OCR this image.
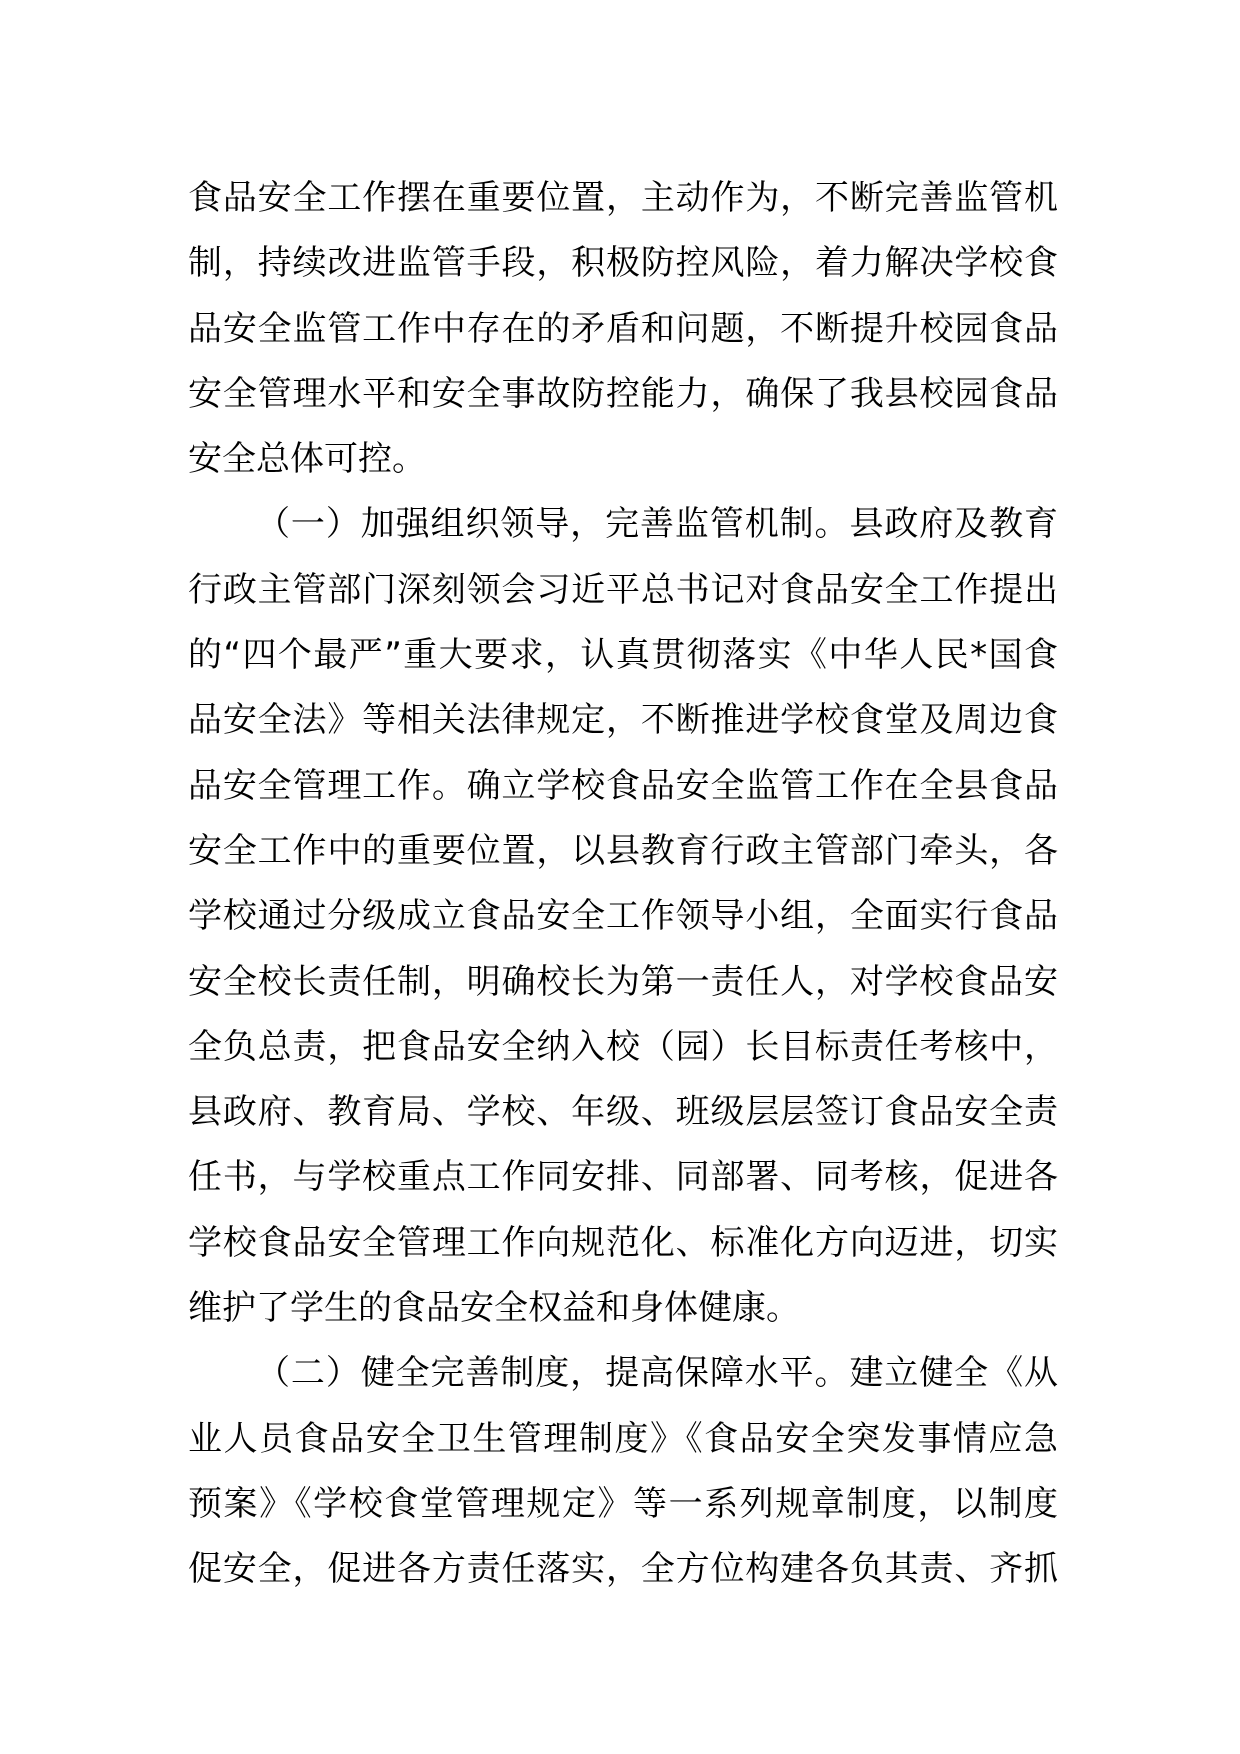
食品安全工作摆在重要位置，主动作为，不断完善监管机
制，持续改进监管手段，积极防控风险，着力解决学校食
品安全监管工作中存在的矛盾和问题，不断提升校园食品
安全管理水平和安全事故防控能力，确保了我县校园食品
安全总体可控。
（一）加强组织领导，完善监管机制。县政府及教育
行政主管部门深刻领会习近平总书记对食品安全工作提出
的“四个最严”重大要求，认真贯彻落实《中华人民*国食
品安全法》等相关法律规定，不断推进学校食堂及周边食
品安全管理工作。确立学校食品安全监管工作在全县食品
安全工作中的重要位置，以县教育行政主管部门牵头，各
学校通过分级成立食品安全工作领导小组，全面实行食品
安全校长责任制，明确校长为第一责任人，对学校食品安
全负总责，把食品安全纳入校（园）长目标责任考核中，
县政府、教育局、学校、年级、班级层层签订食品安全责
任书，与学校重点工作同安排、同部署、同考核，促进各
学校食品安全管理工作向规范化、标准化方向迈进，切实
维护了学生的食品安全权益和身体健康。
（二）健全完善制度，提高保障水平。建立健全《从
业人员食品安全卫生管理制度》《食品安全突发事情应急
预案》《学校食堂管理规定》等一系列规章制度，以制度
促安全，促进各方责任落实，全方位构建各负其责、齐抓
